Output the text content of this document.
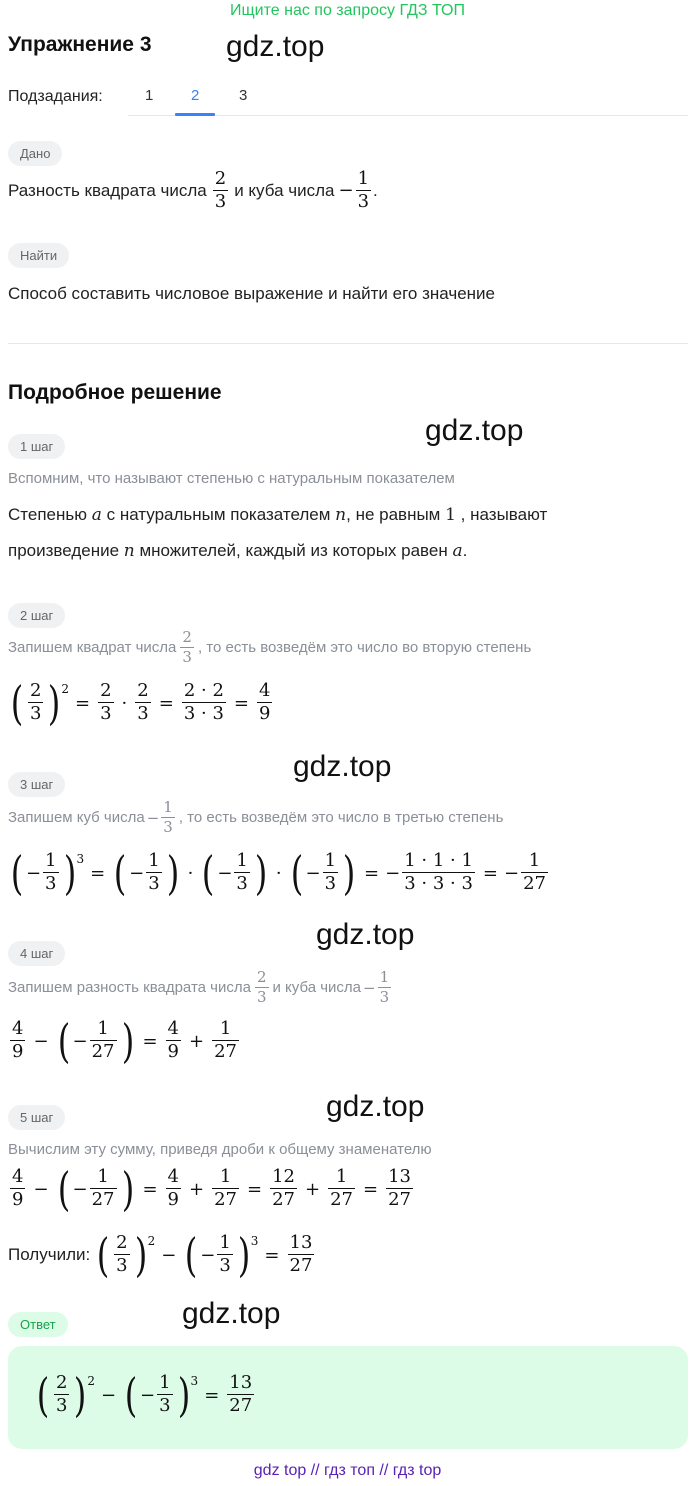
Ищите нас по запросу ГДЗ ТОП
Упражнение 3 gdz.top
Подзадания:	1	2	3
Дано
Разность квадрата числа
2
3
и куба числа − $\frac{1}{3}$ .
Найти
Способ составить числовое выражение и найти его значение
Подробное решение
gdz.top
1 шаг
Вспомним, что называют степенью с натуральным показателем
Степенью a с натуральным показателем n, не равным 1 , называют
произведение n множителей, каждый из которых равен a.
2 шаг
Запишем квадрат числа
2
3 , то есть возведём это число во вторую степень
( 2
3 ) 2
= $\frac{2}{3} \cdot \frac{2}{3} = \frac{2 \cdot 2}{3 \cdot 3} = \frac{4}{9}$
gdz.top
3 шаг
Запишем куб числа − $\frac{1}{3}$ , то есть возведём это число в третью степень
( − $\frac{1}{3}$ ) 3
= ( − $\frac{1}{3}$ ) · ( − $\frac{1}{3}$ ) · ( − $\frac{1}{3}$ ) = − $\frac{1 \cdot 1 \cdot 1}{3 \cdot 3 \cdot 3}$ = − $\frac{1}{27}$
gdz.top
4 шаг
Запишем разность квадрата числа
2
3 и куба числа − $\frac{1}{3}$
4
9 − ( − $\frac{1}{27}$ ) = $\frac{4}{9} + \frac{1}{27}$
gdz.top
5 шаг
Вычислим эту сумму, приведя дроби к общему знаменателю
4
9 − ( − $\frac{1}{27}$ ) = $\frac{4}{9} + \frac{1}{27} = \frac{12}{27} + \frac{1}{27} = \frac{13}{27}$
Получили: ( 2
3 ) 2
− ( − $\frac{1}{3}$ ) 3
= $\frac{13}{27}$
gdz.top
Ответ
( 2
3 ) 2
− ( − $\frac{1}{3}$ ) 3
= $\frac{13}{27}$
gdz top // гдз топ // гдз top
